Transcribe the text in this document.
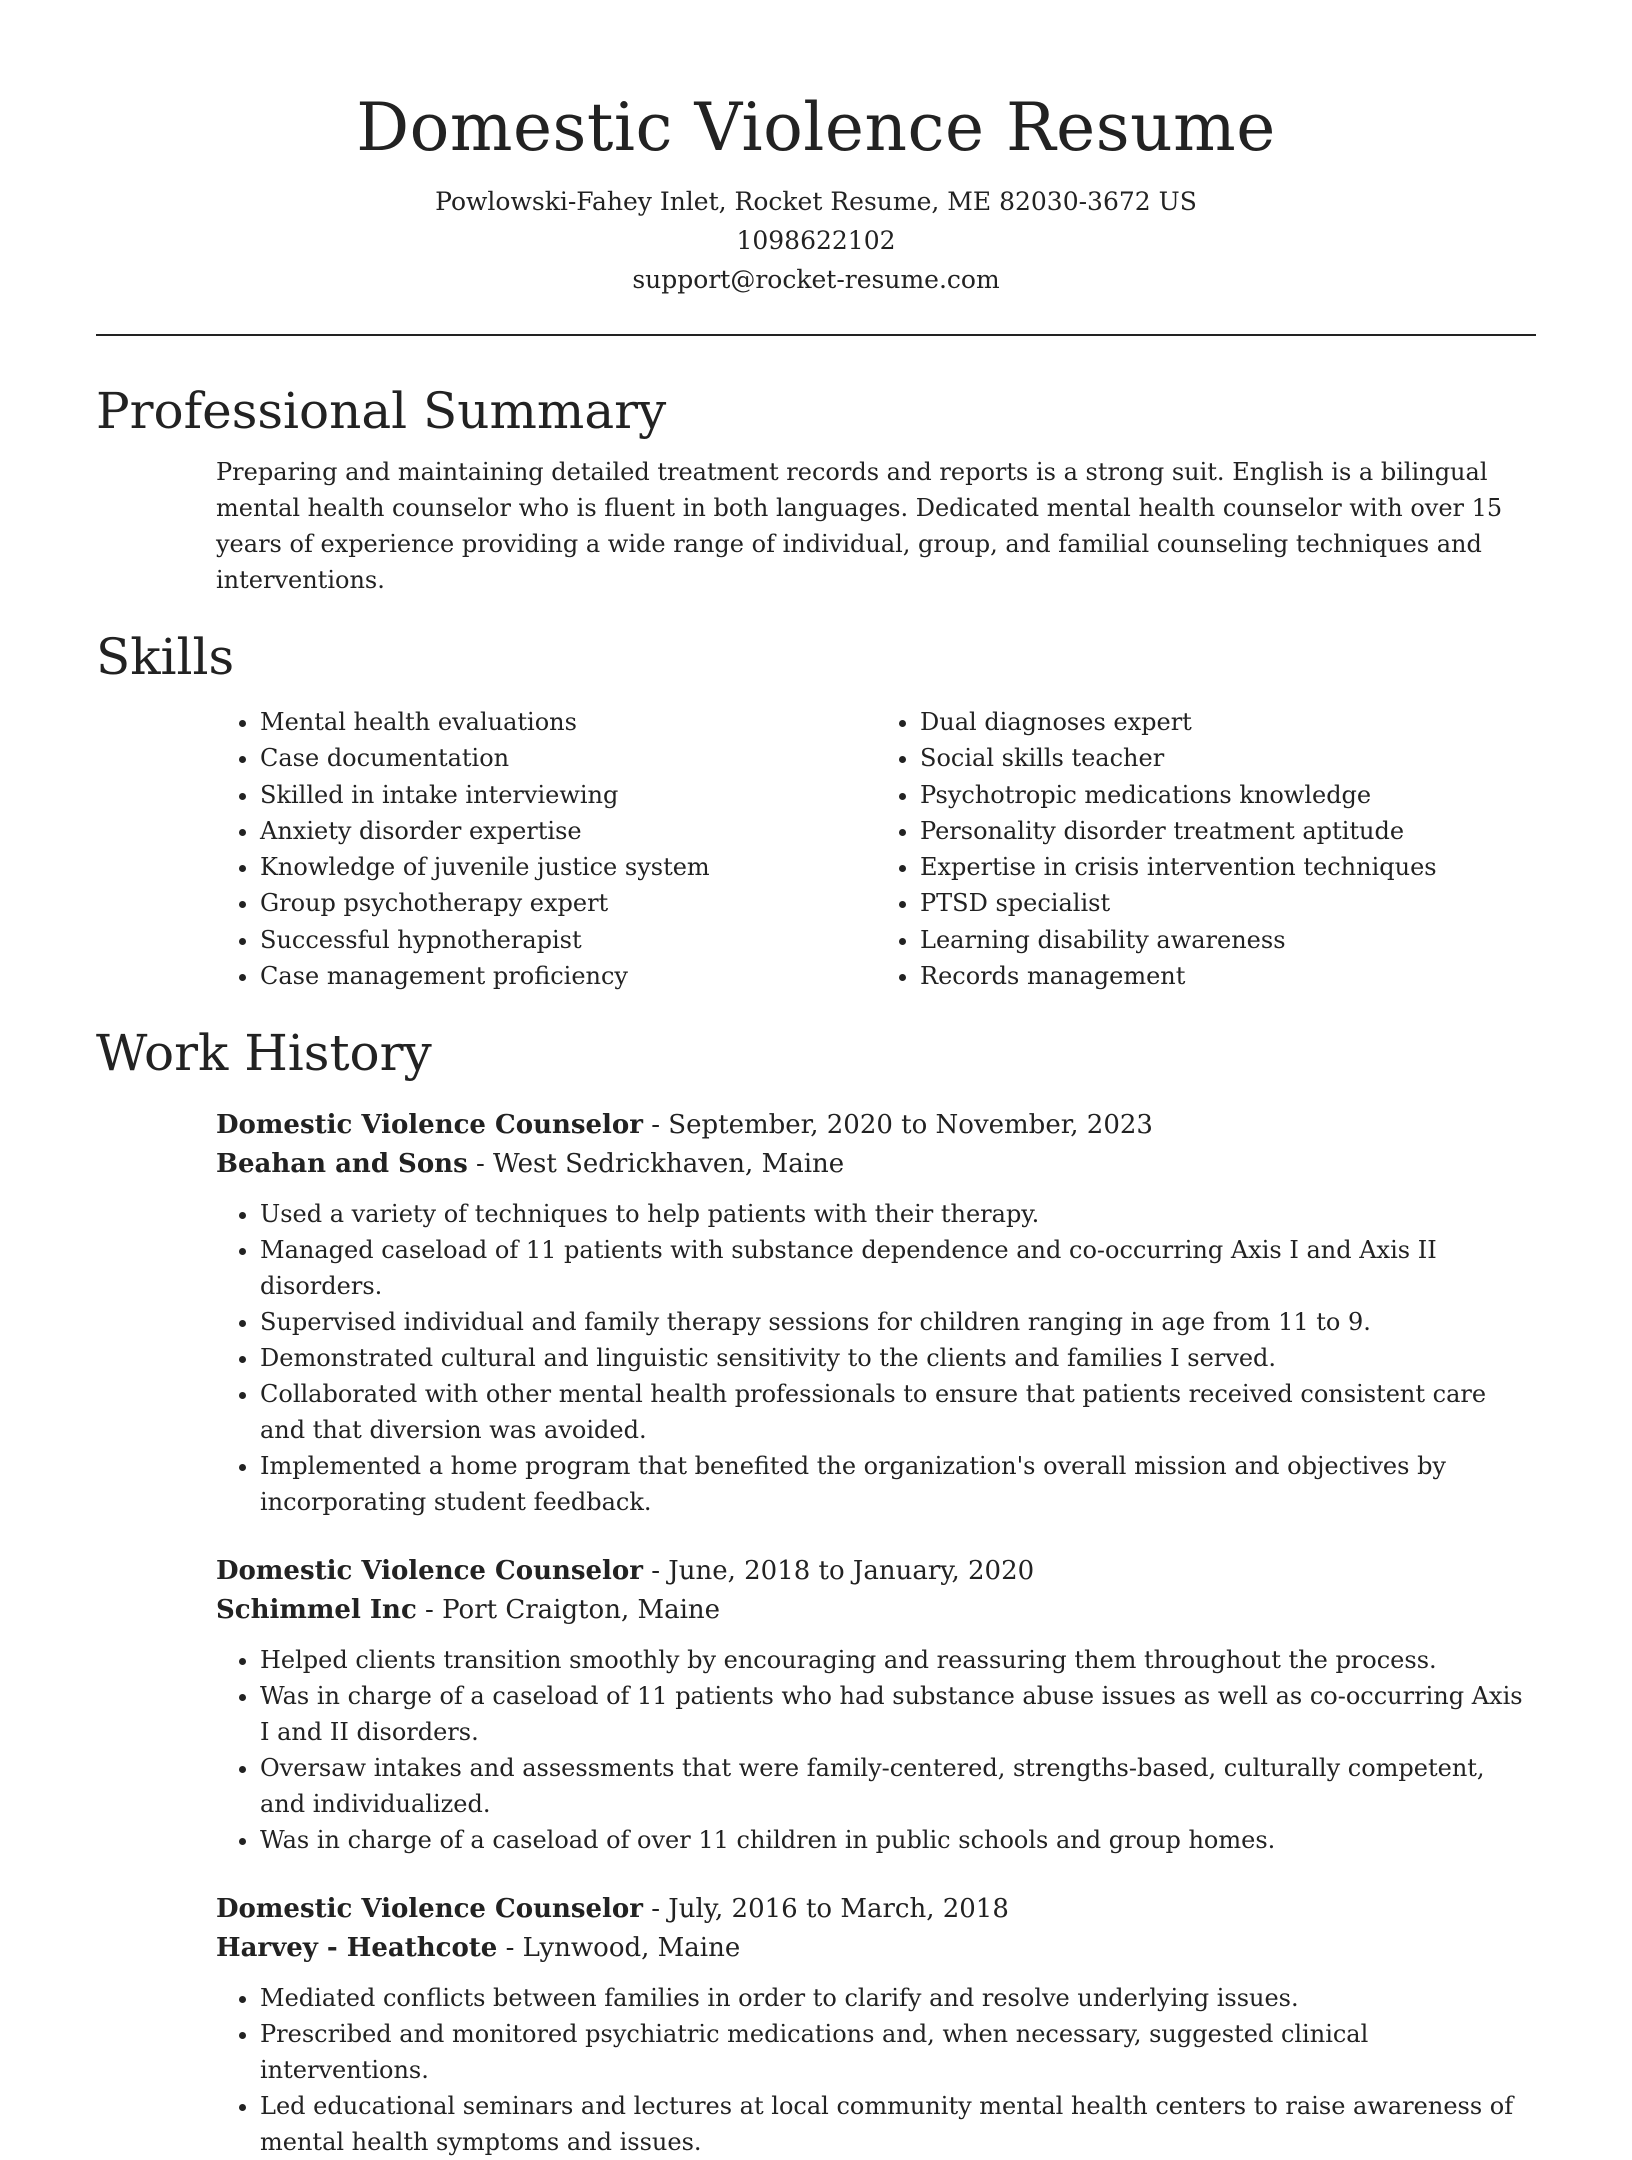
Domestic Violence Resume
Powlowski-Fahey Inlet, Rocket Resume, ME 82030-3672 US
1098622102
support@rocket-resume.com
Professional Summary
Preparing and maintaining detailed treatment records and reports is a strong suit. English is a bilingual mental health counselor who is fluent in both languages. Dedicated mental health counselor with over 15 years of experience providing a wide range of individual, group, and familial counseling techniques and interventions.
Skills
• Mental health evaluations
• Case documentation
• Skilled in intake interviewing
• Anxiety disorder expertise
• Knowledge of juvenile justice system
• Group psychotherapy expert
• Successful hypnotherapist
• Case management proficiency
• Dual diagnoses expert
• Social skills teacher
• Psychotropic medications knowledge
• Personality disorder treatment aptitude
• Expertise in crisis intervention techniques
• PTSD specialist
• Learning disability awareness
• Records management
Work History
Domestic Violence Counselor - September, 2020 to November, 2023
Beahan and Sons - West Sedrickhaven, Maine
• Used a variety of techniques to help patients with their therapy.
• Managed caseload of 11 patients with substance dependence and co-occurring Axis I and Axis II disorders.
• Supervised individual and family therapy sessions for children ranging in age from 11 to 9.
• Demonstrated cultural and linguistic sensitivity to the clients and families I served.
• Collaborated with other mental health professionals to ensure that patients received consistent care and that diversion was avoided.
• Implemented a home program that benefited the organization's overall mission and objectives by incorporating student feedback.
Domestic Violence Counselor - June, 2018 to January, 2020
Schimmel Inc - Port Craigton, Maine
• Helped clients transition smoothly by encouraging and reassuring them throughout the process.
• Was in charge of a caseload of 11 patients who had substance abuse issues as well as co-occurring Axis I and II disorders.
• Oversaw intakes and assessments that were family-centered, strengths-based, culturally competent, and individualized.
• Was in charge of a caseload of over 11 children in public schools and group homes.
Domestic Violence Counselor - July, 2016 to March, 2018
Harvey - Heathcote - Lynwood, Maine
• Mediated conflicts between families in order to clarify and resolve underlying issues.
• Prescribed and monitored psychiatric medications and, when necessary, suggested clinical interventions.
• Led educational seminars and lectures at local community mental health centers to raise awareness of mental health symptoms and issues.
